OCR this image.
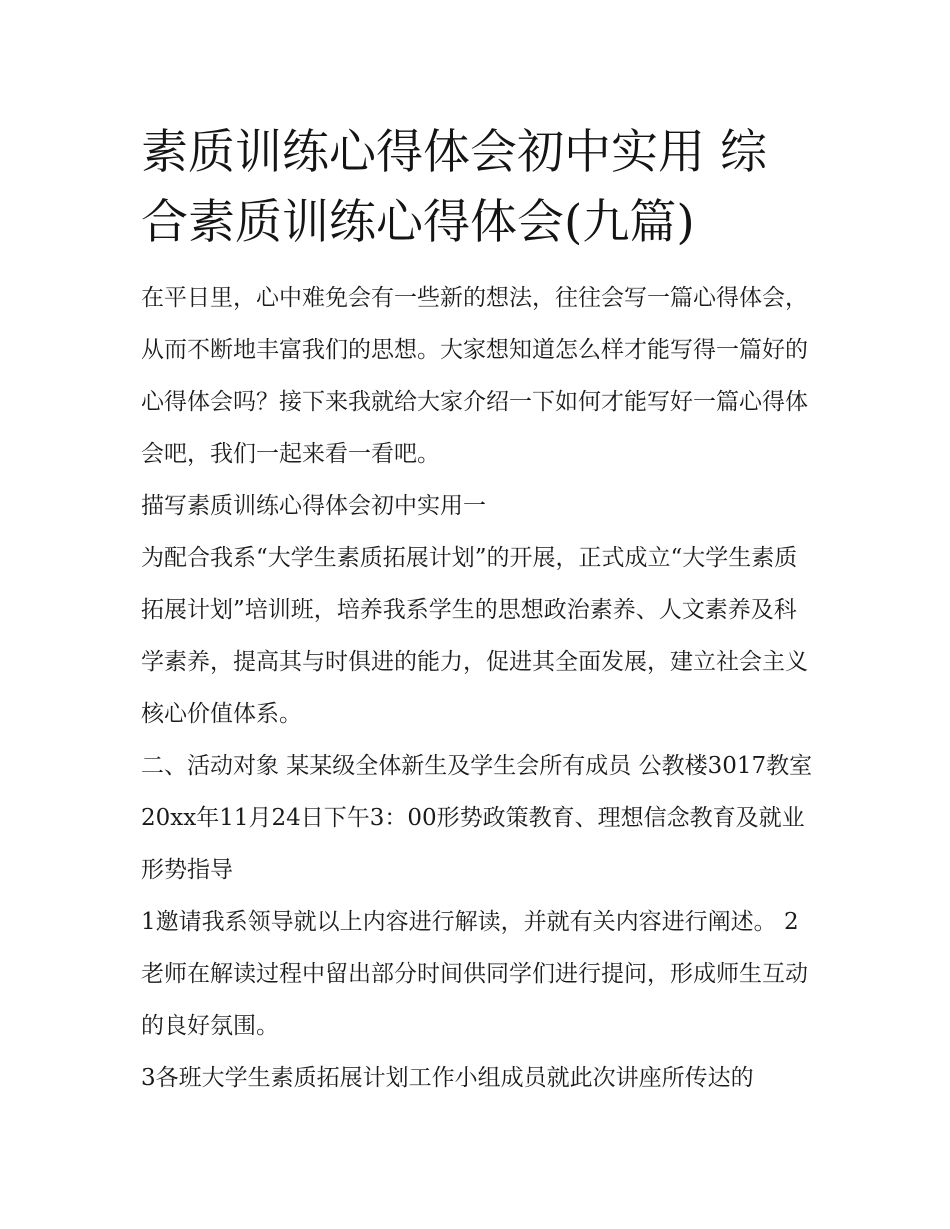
素质训练心得体会初中实用 综合素质训练心得体会(九篇)

在平日里，心中难免会有一些新的想法，往往会写一篇心得体会，从而不断地丰富我们的思想。大家想知道怎么样才能写得一篇好的心得体会吗？接下来我就给大家介绍一下如何才能写好一篇心得体会吧，我们一起来看一看吧。

描写素质训练心得体会初中实用一

为配合我系“大学生素质拓展计划”的开展，正式成立“大学生素质拓展计划”培训班，培养我系学生的思想政治素养、人文素养及科学素养，提高其与时俱进的能力，促进其全面发展，建立社会主义核心价值体系。

二、活动对象 某某级全体新生及学生会所有成员 公教楼3017教室 20xx年11月24日下午3：00形势政策教育、理想信念教育及就业形势指导

1邀请我系领导就以上内容进行解读，并就有关内容进行阐述。 2老师在解读过程中留出部分时间供同学们进行提问，形成师生互动的良好氛围。

3各班大学生素质拓展计划工作小组成员就此次讲座所传达的
